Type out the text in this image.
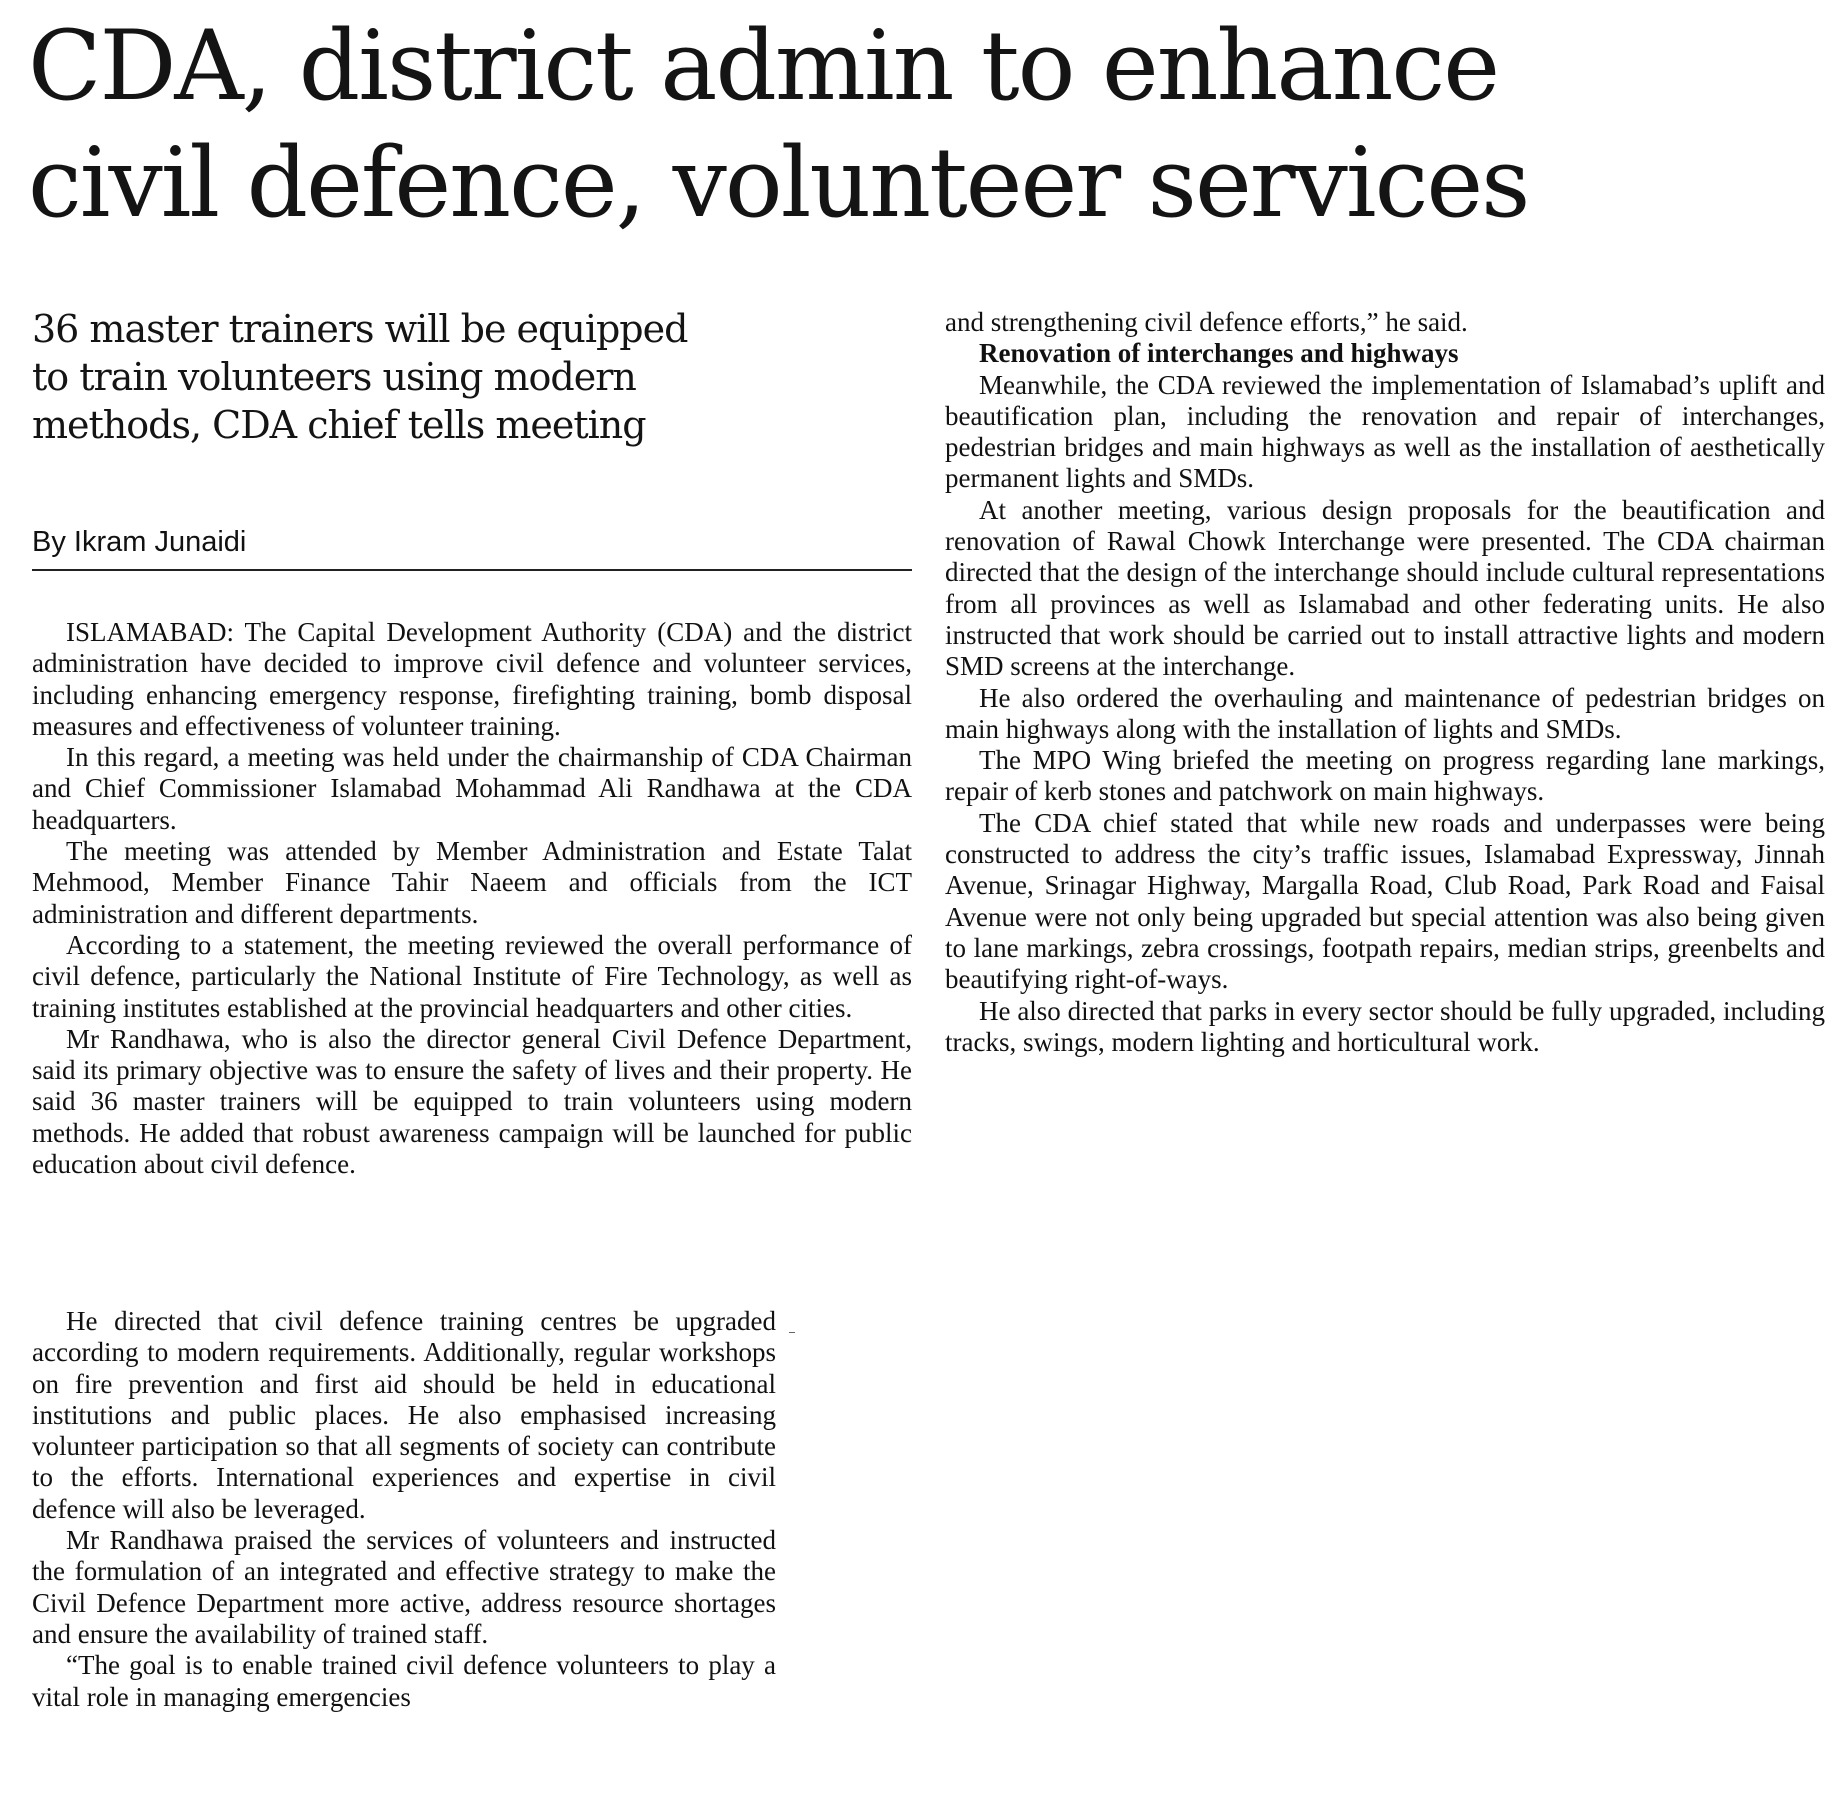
CDA, district admin to enhance
civil defence, volunteer services
36 master trainers will be equipped
to train volunteers using modern
methods, CDA chief tells meeting

By Ikram Junaidi

ISLAMABAD: The Capital Development Authority (CDA) and the district administration have decided to improve civil defence and volunteer services, including enhancing emergency response, firefighting training, bomb disposal measures and effectiveness of volunteer training.

In this regard, a meeting was held under the chairmanship of CDA Chairman and Chief Commissioner Islamabad Mohammad Ali Randhawa at the CDA headquarters.

The meeting was attended by Member Administration and Estate Talat Mehmood, Member Finance Tahir Naeem and officials from the ICT administration and different departments.

According to a statement, the meeting reviewed the overall performance of civil defence, particularly the National Institute of Fire Technology, as well as training institutes established at the provincial headquarters and other cities.

Mr Randhawa, who is also the director general Civil Defence Department, said its primary objective was to ensure the safety of lives and their property. He said 36 master trainers will be equipped to train volunteers using modern methods. He added that robust awareness campaign will be launched for public education about civil defence.

He directed that civil defence training centres be upgraded according to modern requirements. Additionally, regular workshops on fire prevention and first aid should be held in educational institutions and public places. He also emphasised increasing volunteer participation so that all segments of society can contribute to the efforts. International experiences and expertise in civil defence will also be leveraged.

Mr Randhawa praised the services of volunteers and instructed the formulation of an integrated and effective strategy to make the Civil Defence Department more active, address resource shortages and ensure the availability of trained staff.

“The goal is to enable trained civil defence volunteers to play a vital role in managing emergencies

and strengthening civil defence efforts,” he said.

Renovation of interchanges and highways

Meanwhile, the CDA reviewed the implementation of Islamabad’s uplift and beautification plan, including the renovation and repair of interchanges, pedestrian bridges and main highways as well as the installation of aesthetically permanent lights and SMDs.

At another meeting, various design proposals for the beautification and renovation of Rawal Chowk Interchange were presented. The CDA chairman directed that the design of the interchange should include cultural representations from all provinces as well as Islamabad and other federating units. He also instructed that work should be carried out to install attractive lights and modern SMD screens at the interchange.

He also ordered the overhauling and maintenance of pedestrian bridges on main highways along with the installation of lights and SMDs.

The MPO Wing briefed the meeting on progress regarding lane markings, repair of kerb stones and patchwork on main highways.

The CDA chief stated that while new roads and underpasses were being constructed to address the city’s traffic issues, Islamabad Expressway, Jinnah Avenue, Srinagar Highway, Margalla Road, Club Road, Park Road and Faisal Avenue were not only being upgraded but special attention was also being given to lane markings, zebra crossings, footpath repairs, median strips, greenbelts and beautifying right-of-ways.

He also directed that parks in every sector should be fully upgraded, including tracks, swings, modern lighting and horticultural work.
